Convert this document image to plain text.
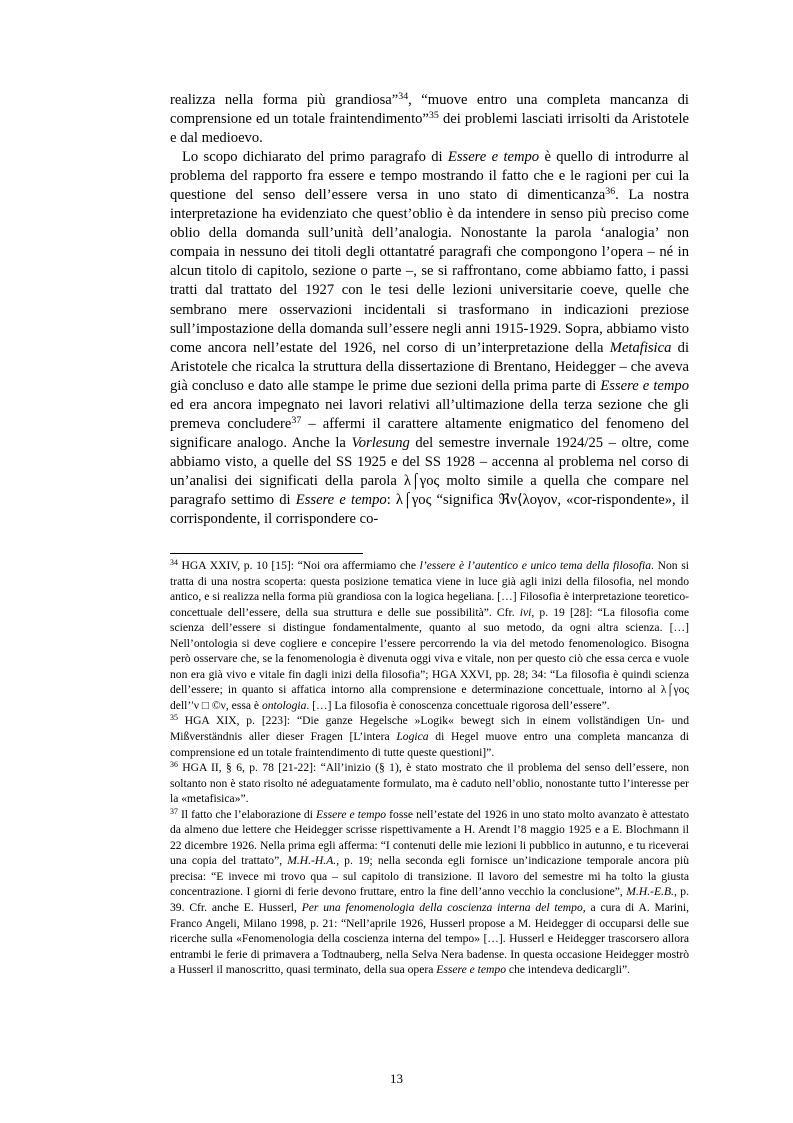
realizza nella forma più grandiosa”$^{34}$, “muove entro una completa mancanza di comprensione ed un totale fraintendimento”$^{35}$ dei problemi lasciati irrisolti da Aristotele e dal medioevo.

Lo scopo dichiarato del primo paragrafo di Essere e tempo è quello di introdurre al problema del rapporto fra essere e tempo mostrando il fatto che e le ragioni per cui la questione del senso dell’essere versa in uno stato di dimenticanza$^{36}$. La nostra interpretazione ha evidenziato che quest’oblio è da intendere in senso più preciso come oblio della domanda sull’unità dell’analogia. Nonostante la parola ‘analogia’ non compaia in nessuno dei titoli degli ottantatré paragrafi che compongono l’opera – né in alcun titolo di capitolo, sezione o parte –, se si raffrontano, come abbiamo fatto, i passi tratti dal trattato del 1927 con le tesi delle lezioni universitarie coeve, quelle che sembrano mere osservazioni incidentali si trasformano in indicazioni preziose sull’impostazione della domanda sull’essere negli anni 1915-1929. Sopra, abbiamo visto come ancora nell’estate del 1926, nel corso di un’interpretazione della Metafisica di Aristotele che ricalca la struttura della dissertazione di Brentano, Heidegger – che aveva già concluso e dato alle stampe le prime due sezioni della prima parte di Essere e tempo ed era ancora impegnato nei lavori relativi all’ultimazione della terza sezione che gli premeva concludere$^{37}$ – affermi il carattere altamente enigmatico del fenomeno del significare analogo. Anche la Vorlesung del semestre invernale 1924/25 – oltre, come abbiamo visto, a quelle del SS 1925 e del SS 1928 – accenna al problema nel corso di un’analisi dei significati della parola λ⌠γος molto simile a quella che compare nel paragrafo settimo di Essere e tempo: λ⌠γος “significa ℜν⟨λογον, «cor-rispondente», il corrispondente, il corrispondere co-

$^{34}$ HGA XXIV, p. 10 [15]: “Noi ora affermiamo che l’essere è l’autentico e unico tema della filosofia. Non si tratta di una nostra scoperta: questa posizione tematica viene in luce già agli inizi della filosofia, nel mondo antico, e si realizza nella forma più grandiosa con la logica hegeliana. […] Filosofia è interpretazione teoretico-concettuale dell’essere, della sua struttura e delle sue possibilità”. Cfr. ivi, p. 19 [28]: “La filosofia come scienza dell’essere si distingue fondamentalmente, quanto al suo metodo, da ogni altra scienza. […] Nell’ontologia si deve cogliere e concepire l’essere percorrendo la via del metodo fenomenologico. Bisogna però osservare che, se la fenomenologia è divenuta oggi viva e vitale, non per questo ciò che essa cerca e vuole non era già vivo e vitale fin dagli inizi della filosofia”; HGA XXVI, pp. 28; 34: “La filosofia è quindi scienza dell’essere; in quanto si affatica intorno alla comprensione e determinazione concettuale, intorno al λ⌠γος dell’′ν □ ©ν, essa è ontologia. […] La filosofia è conoscenza concettuale rigorosa dell’essere”.

$^{35}$ HGA XIX, p. [223]: “Die ganze Hegelsche »Logik« bewegt sich in einem vollständigen Un- und Mißverständnis aller dieser Fragen [L’intera Logica di Hegel muove entro una completa mancanza di comprensione ed un totale fraintendimento di tutte queste questioni]”.

$^{36}$ HGA II, § 6, p. 78 [21-22]: “All’inizio (§ 1), è stato mostrato che il problema del senso dell’essere, non soltanto non è stato risolto né adeguatamente formulato, ma è caduto nell’oblio, nonostante tutto l’interesse per la «metafisica»”.

$^{37}$ Il fatto che l’elaborazione di Essere e tempo fosse nell’estate del 1926 in uno stato molto avanzato è attestato da almeno due lettere che Heidegger scrisse rispettivamente a H. Arendt l’8 maggio 1925 e a E. Blochmann il 22 dicembre 1926. Nella prima egli afferma: “I contenuti delle mie lezioni li pubblico in autunno, e tu riceverai una copia del trattato”, M.H.-H.A., p. 19; nella seconda egli fornisce un’indicazione temporale ancora più precisa: “E invece mi trovo qua – sul capitolo di transizione. Il lavoro del semestre mi ha tolto la giusta concentrazione. I giorni di ferie devono fruttare, entro la fine dell’anno vecchio la conclusione”, M.H.-E.B., p. 39. Cfr. anche E. Husserl, Per una fenomenologia della coscienza interna del tempo, a cura di A. Marini, Franco Angeli, Milano 1998, p. 21: “Nell’aprile 1926, Husserl propose a M. Heidegger di occuparsi delle sue ricerche sulla «Fenomenologia della coscienza interna del tempo» […]. Husserl e Heidegger trascorsero allora entrambi le ferie di primavera a Todtnauberg, nella Selva Nera badense. In questa occasione Heidegger mostrò a Husserl il manoscritto, quasi terminato, della sua opera Essere e tempo che intendeva dedicargli”.

13
